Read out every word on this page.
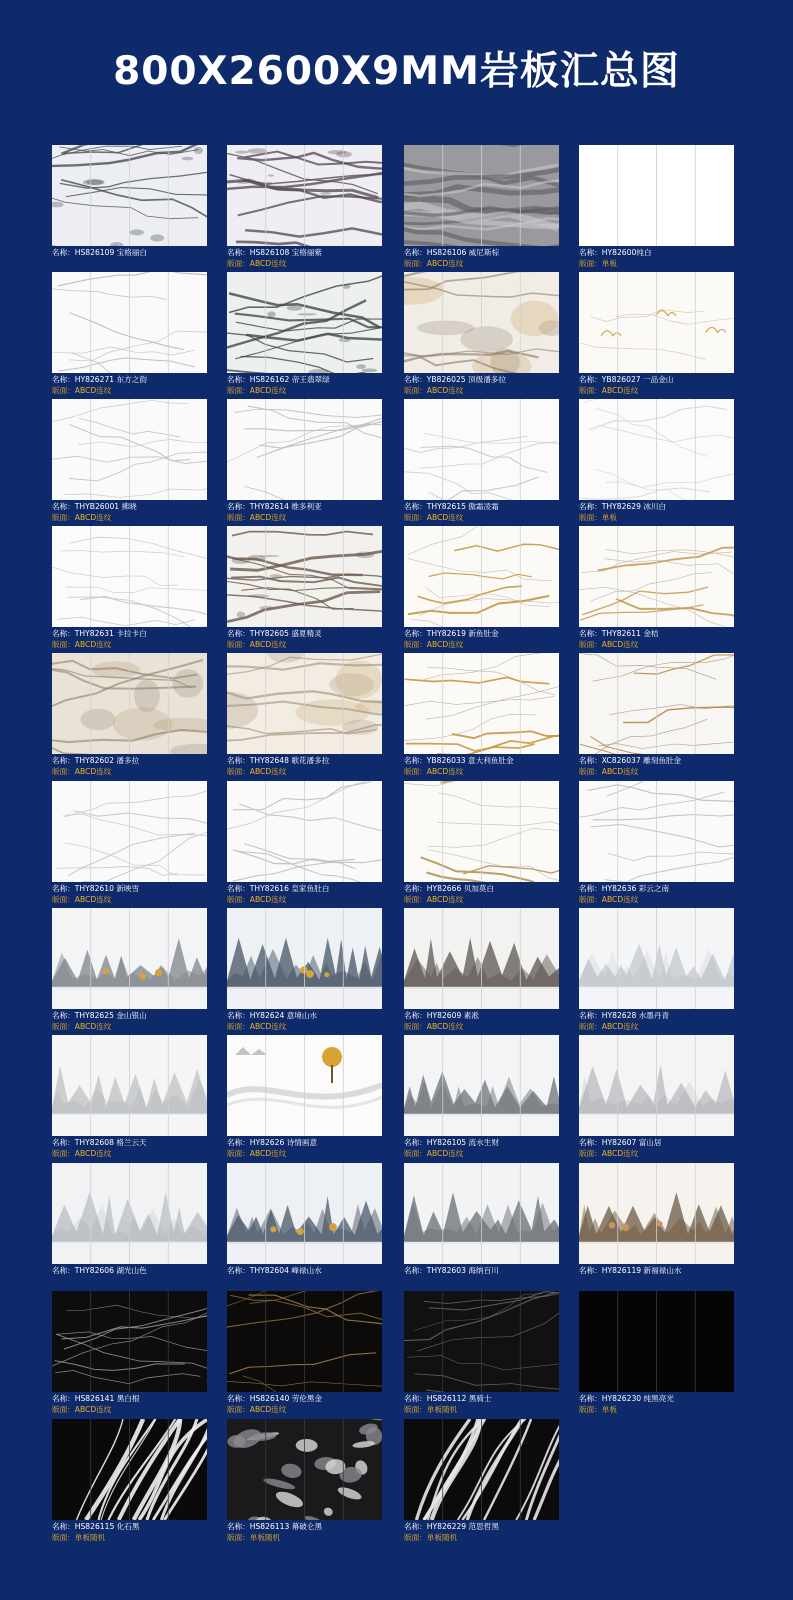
800X2600X9MM岩板汇总图
名称：HS826109 宝格丽白	名称：HS826108 宝格丽紫
版面：ABCD连纹
名称：HS826106 威尼斯棕
版面：ABCD连纹
名称：HY82600纯白
版面：单板
名称：HY826271 东方之韵
版面：ABCD连纹
名称：HS826162 帝王翡翠绿
版面：ABCD连纹
名称：YB826025 顶级潘多拉
版面：ABCD连纹
名称：YB826027 一品金山
版面：ABCD连纹
名称：THYB26001 拂晓
版面：ABCD连纹
名称：THY82614 维多利亚
版面：ABCD连纹
名称：THY82615 傲霜凌霜
版面：ABCD连纹
名称：THY82629 冰川白
版面：单板
名称：THY82631 卡拉卡白
版面：ABCD连纹
名称：THY82605 盛夏精灵
版面：ABCD连纹
名称：THY82619 新鱼肚金
版面：ABCD连纹
名称：THY82611 金桔
版面：ABCD连纹
名称：THY82602 潘多拉
版面：ABCD连纹
名称：THY82648 歌花潘多拉
版面：ABCD连纹
名称：YB826033 意大利鱼肚金
版面：ABCD连纹
名称：XC826037 雕刻鱼肚金
版面：ABCD连纹
名称：THY82610 新映雪
版面：ABCD连纹
名称：THY82616 皇家鱼肚白
版面：ABCD连纹
名称：HY82666 贝加莫白
版面：ABCD连纹
名称：HY82636 彩云之南
版面：ABCD连纹
名称：THY82625 金山银山
版面：ABCD连纹
名称：HY82624 意境山水
版面：ABCD连纹
名称：HY82609 素凇
版面：ABCD连纹
名称：HY82628 水墨丹青
版面：ABCD连纹
名称：THY82608 格兰云天
版面：ABCD连纹
名称：HY82626 诗情画意
版面：ABCD连纹
名称：HY826105 流水生财
版面：ABCD连纹
名称：HY82607 富山居
版面：ABCD连纹
名称：THY82606 湖光山色	名称：THY82604 峰禄山水	名称：THY82603 海纳百川	名称：HY826119 新福禄山水
名称：HS826141 黑白根
版面：ABCD连纹
名称：HS826140 劳伦黑金
版面：ABCD连纹
名称：HS826112 黑骑士
版面：单板随机
名称：HY826230 纯黑亮光
版面：单板
名称：HS826115 化石黑
版面：单板随机
名称：HS826113 幕破仑黑
版面：单板随机
名称：HY826229 范思哲黑
版面：单板随机
